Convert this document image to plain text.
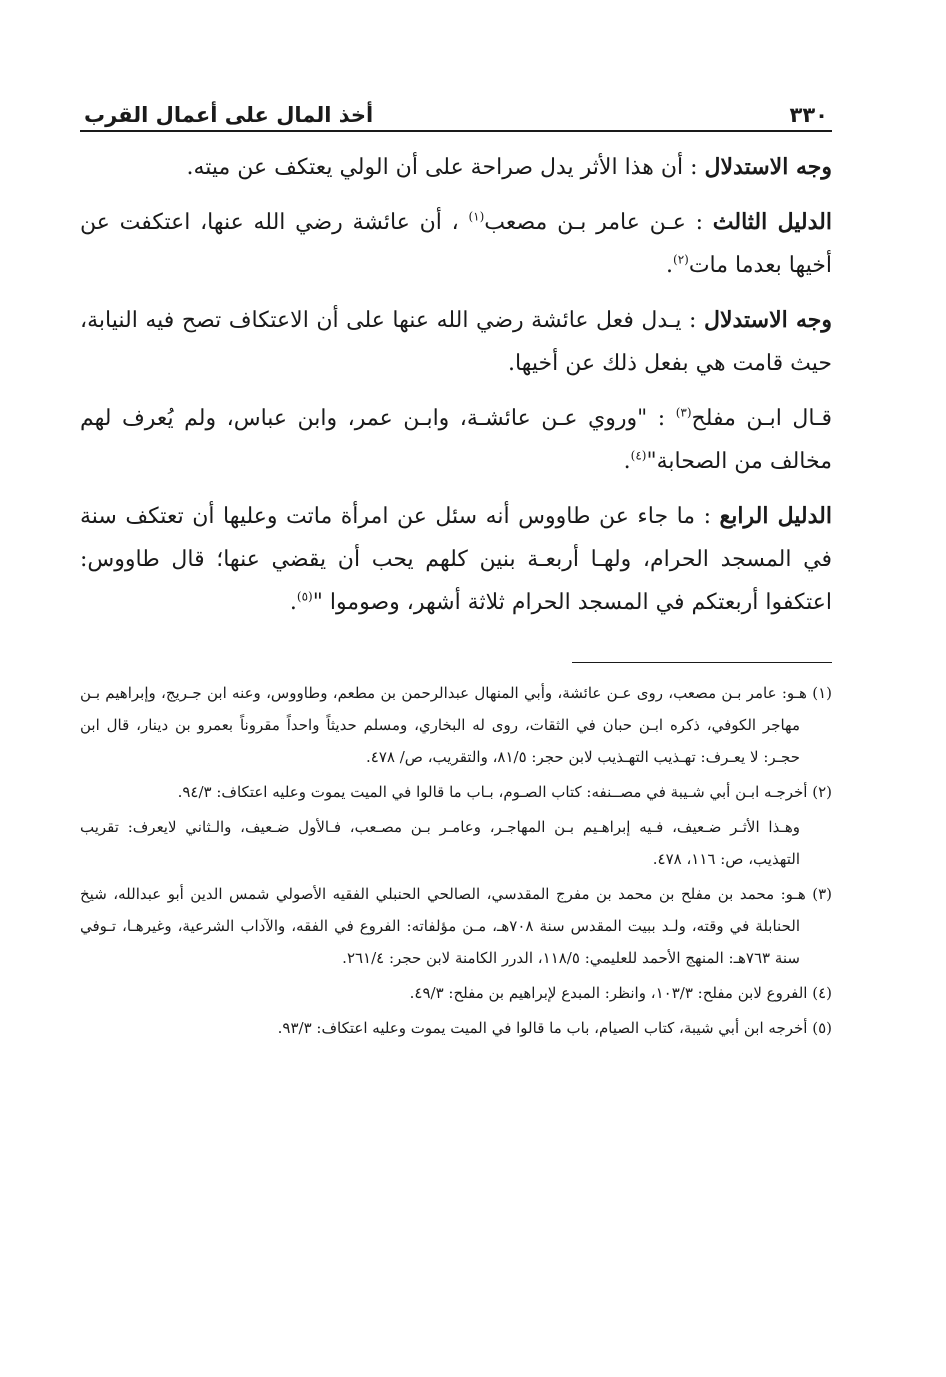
٣٣٠
أخذ المال على أعمال القرب

وجه الاستدلال : أن هذا الأثر يدل صراحة على أن الولي يعتكف عن ميته.

الدليل الثالث : عـن عامر بـن مصعب$^{(١)}$ ، أن عائشة رضي الله عنها، اعتكفت عن أخيها بعدما مات$^{(٢)}$.

وجه الاستدلال : يـدل فعل عائشة رضي الله عنها على أن الاعتكاف تصح فيه النيابة، حيث قامت هي بفعل ذلك عن أخيها.

قـال ابـن مفلح$^{(٣)}$ : "وروي عـن عائشـة، وابـن عمر، وابن عباس، ولم يُعرف لهم مخالف من الصحابة"$^{(٤)}$.

الدليل الرابع : ما جاء عن طاووس أنه سئل عن امرأة ماتت وعليها أن تعتكف سنة في المسجد الحرام، ولهـا أربعـة بنين كلهم يحب أن يقضي عنها؛ قال طاووس: اعتكفوا أربعتكم في المسجد الحرام ثلاثة أشهر، وصوموا "$^{(٥)}$.

(١) هـو: عامر بـن مصعب، روى عـن عائشة، وأبي المنهال عبدالرحمن بن مطعم، وطاووس، وعنه ابن جـريج، وإبراهيم بـن مهاجر الكوفي، ذكره ابـن حبان في الثقات، روى له البخاري، ومسلم حديثاً واحداً مقروناً بعمرو بن دينار، قال ابن حجـر: لا يعـرف: تهـذيب التهـذيب لابن حجر: ٨١/٥، والتقريب، ص/ ٤٧٨.

(٢) أخرجـه ابـن أبي شـيبة في مصــنفه: كتاب الصـوم، بـاب ما قالوا في الميت يموت وعليه اعتكاف: ٩٤/٣.

وهـذا الأثـر ضـعيف، فـيه إبراهـيم بـن المهاجـر، وعامـر بـن مصـعب، فـالأول ضـعيف، والـثاني لايعرف: تقريب التهذيب، ص: ١١٦، ٤٧٨.

(٣) هـو: محمد بن مفلح بن محمد بن مفرج المقدسي، الصالحي الحنبلي الفقيه الأصولي شمس الدين أبو عبدالله، شيخ الحنابلة في وقته، ولـد ببيت المقدس سنة ٧٠٨هـ، مـن مؤلفاته: الفروع في الفقه، والآداب الشرعية، وغيرهـا، تـوفي سنة ٧٦٣هـ: المنهج الأحمد للعليمي: ١١٨/٥، الدرر الكامنة لابن حجر: ٢٦١/٤.

(٤) الفروع لابن مفلح: ١٠٣/٣، وانظر: المبدع لإبراهيم بن مفلح: ٤٩/٣.

(٥) أخرجه ابن أبي شيبة، كتاب الصيام، باب ما قالوا في الميت يموت وعليه اعتكاف: ٩٣/٣.
